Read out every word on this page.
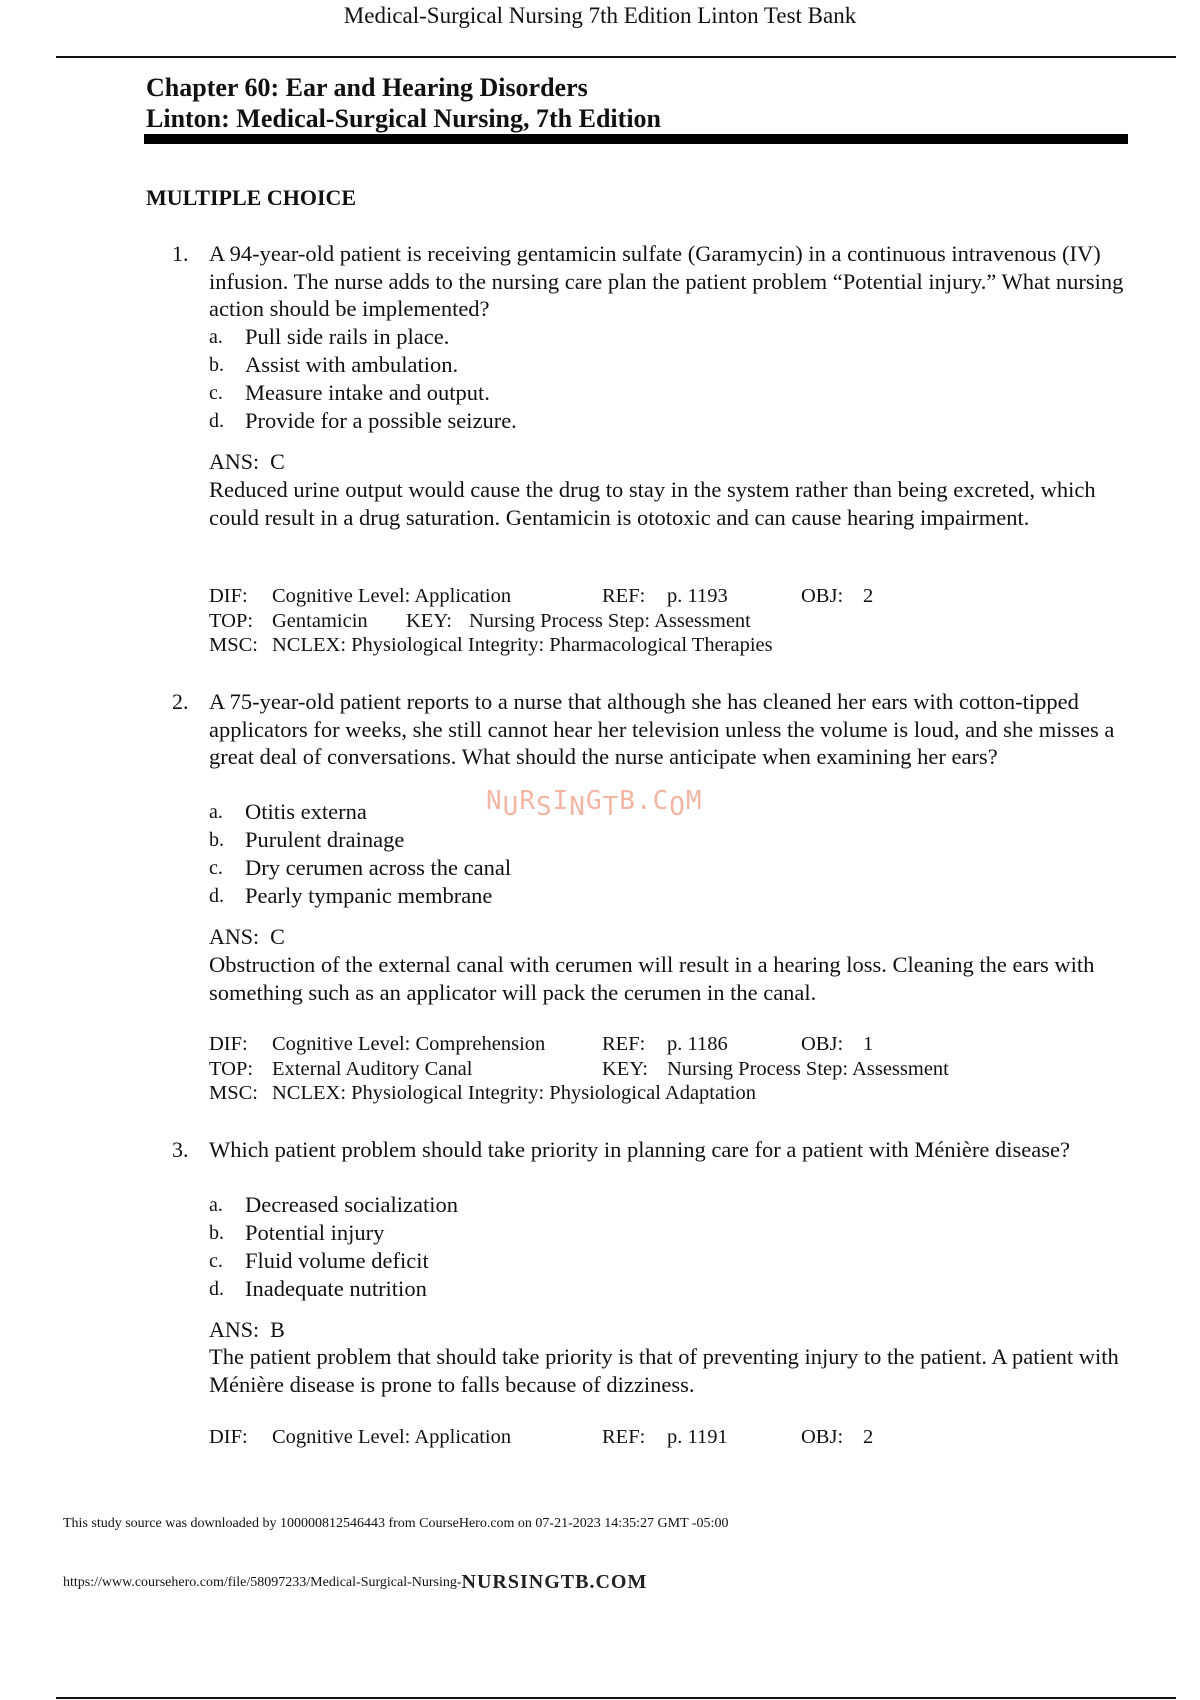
Medical-Surgical Nursing 7th Edition Linton Test Bank
Chapter 60: Ear and Hearing Disorders
Linton: Medical-Surgical Nursing, 7th Edition
MULTIPLE CHOICE
1. A 94-year-old patient is receiving gentamicin sulfate (Garamycin) in a continuous intravenous (IV) infusion. The nurse adds to the nursing care plan the patient problem “Potential injury.” What nursing action should be implemented?
a. Pull side rails in place.
b. Assist with ambulation.
c. Measure intake and output.
d. Provide for a possible seizure.
ANS: C
Reduced urine output would cause the drug to stay in the system rather than being excreted, which could result in a drug saturation. Gentamicin is ototoxic and can cause hearing impairment.
DIF: Cognitive Level: Application	REF: p. 1193	OBJ: 2
TOP: Gentamicin KEY: Nursing Process Step: Assessment
MSC: NCLEX: Physiological Integrity: Pharmacological Therapies
2. A 75-year-old patient reports to a nurse that although she has cleaned her ears with cotton-tipped applicators for weeks, she still cannot hear her television unless the volume is loud, and she misses a great deal of conversations. What should the nurse anticipate when examining her ears?
a. Otitis externa
b. Purulent drainage
c. Dry cerumen across the canal
d. Pearly tympanic membrane
ANS: C
Obstruction of the external canal with cerumen will result in a hearing loss. Cleaning the ears with something such as an applicator will pack the cerumen in the canal.
DIF: Cognitive Level: Comprehension	REF: p. 1186	OBJ: 1
TOP: External Auditory Canal	KEY: Nursing Process Step: Assessment
MSC: NCLEX: Physiological Integrity: Physiological Adaptation
3. Which patient problem should take priority in planning care for a patient with Ménière disease?
a. Decreased socialization
b. Potential injury
c. Fluid volume deficit
d. Inadequate nutrition
ANS: B
The patient problem that should take priority is that of preventing injury to the patient. A patient with Ménière disease is prone to falls because of dizziness.
DIF: Cognitive Level: Application	REF: p. 1191	OBJ: 2
NURSINGTB.COM
This study source was downloaded by 100000812546443 from CourseHero.com on 07-21-2023 14:35:27 GMT -05:00
https://www.coursehero.com/file/58097233/Medical-Surgical-Nursing-NURSINGTB.COM
